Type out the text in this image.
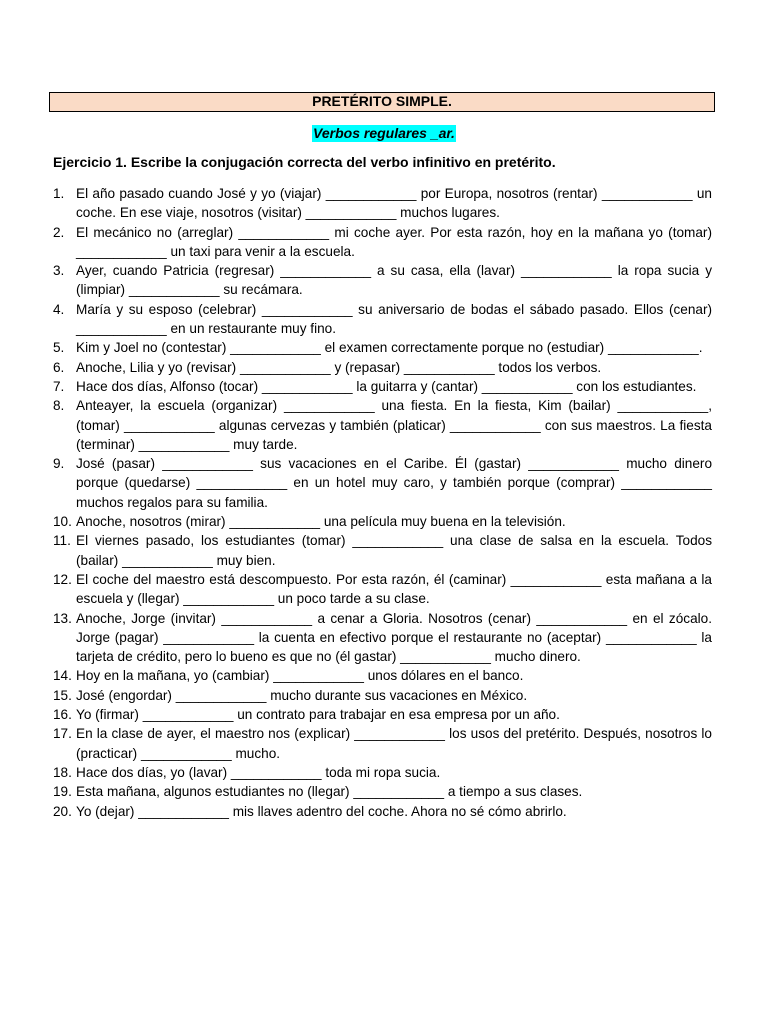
PRETÉRITO SIMPLE.
Verbos regulares _ar.
Ejercicio 1. Escribe la conjugación correcta del verbo infinitivo en pretérito.
1. El año pasado cuando José y yo (viajar) ____________ por Europa, nosotros (rentar) ____________ un coche. En ese viaje, nosotros (visitar) ____________ muchos lugares.
2. El mecánico no (arreglar) ____________ mi coche ayer. Por esta razón, hoy en la mañana yo (tomar) ____________ un taxi para venir a la escuela.
3. Ayer, cuando Patricia (regresar) ____________ a su casa, ella (lavar) ____________ la ropa sucia y (limpiar) ____________ su recámara.
4. María y su esposo (celebrar) ____________ su aniversario de bodas el sábado pasado. Ellos (cenar) ____________ en un restaurante muy fino.
5. Kim y Joel no (contestar) ____________ el examen correctamente porque no (estudiar) ____________.
6. Anoche, Lilia y yo (revisar) ____________ y (repasar) ____________ todos los verbos.
7. Hace dos días, Alfonso (tocar) ____________ la guitarra y (cantar) ____________ con los estudiantes.
8. Anteayer, la escuela (organizar) ____________ una fiesta. En la fiesta, Kim (bailar) ____________, (tomar) ____________ algunas cervezas y también (platicar) ____________ con sus maestros. La fiesta (terminar) ____________ muy tarde.
9. José (pasar) ____________ sus vacaciones en el Caribe. Él (gastar) ____________ mucho dinero porque (quedarse) ____________ en un hotel muy caro, y también porque (comprar) ____________ muchos regalos para su familia.
10. Anoche, nosotros (mirar) ____________ una película muy buena en la televisión.
11. El viernes pasado, los estudiantes (tomar) ____________ una clase de salsa en la escuela. Todos (bailar) ____________ muy bien.
12. El coche del maestro está descompuesto. Por esta razón, él (caminar) ____________ esta mañana a la escuela y (llegar) ____________ un poco tarde a su clase.
13. Anoche, Jorge (invitar) ____________ a cenar a Gloria. Nosotros (cenar) ____________ en el zócalo. Jorge (pagar) ____________ la cuenta en efectivo porque el restaurante no (aceptar) ____________ la tarjeta de crédito, pero lo bueno es que no (él gastar) ____________ mucho dinero.
14. Hoy en la mañana, yo (cambiar) ____________ unos dólares en el banco.
15. José (engordar) ____________ mucho durante sus vacaciones en México.
16. Yo (firmar) ____________ un contrato para trabajar en esa empresa por un año.
17. En la clase de ayer, el maestro nos (explicar) ____________ los usos del pretérito. Después, nosotros lo (practicar) ____________ mucho.
18. Hace dos días, yo (lavar) ____________ toda mi ropa sucia.
19. Esta mañana, algunos estudiantes no (llegar) ____________ a tiempo a sus clases.
20. Yo (dejar) ____________ mis llaves adentro del coche. Ahora no sé cómo abrirlo.
